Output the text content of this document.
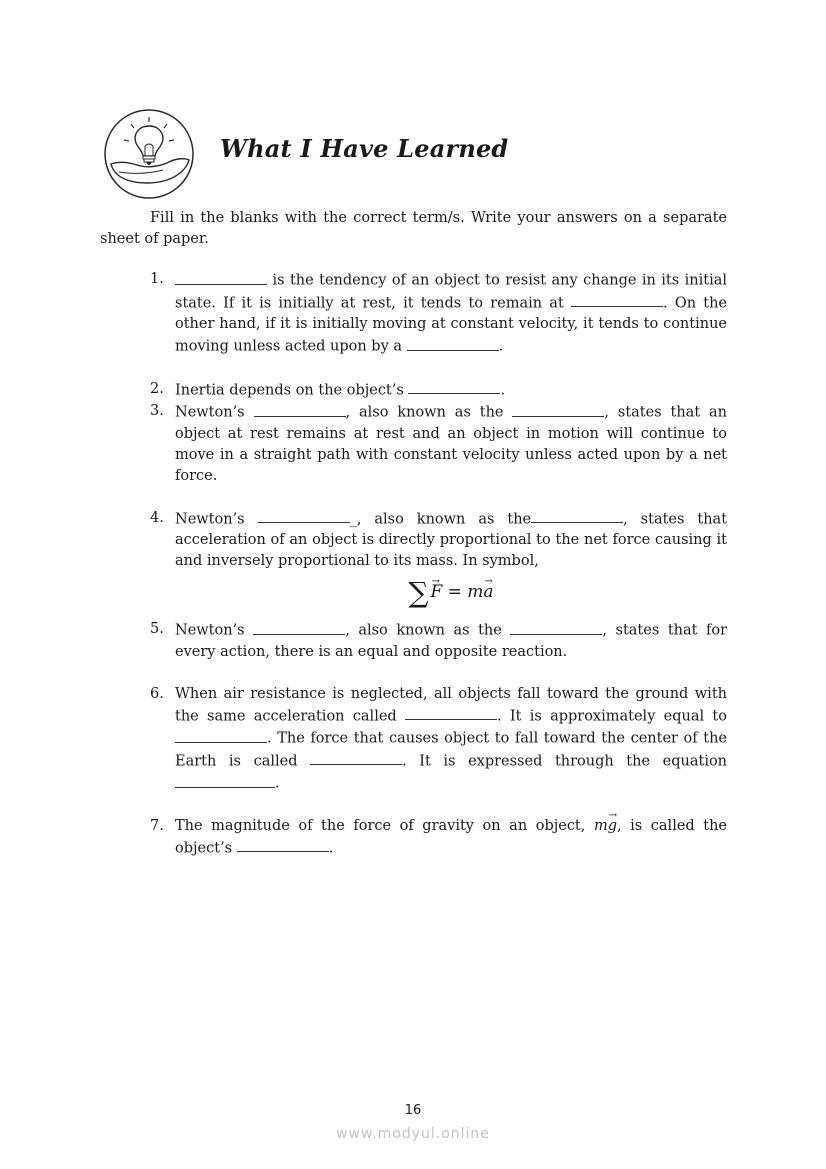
What I Have Learned

Fill in the blanks with the correct term/s. Write your answers on a separate sheet of paper.

1.	is the tendency of an object to resist any change in its initial state. If it is initially at rest, it tends to remain at	. On the other hand, if it is initially moving at constant velocity, it tends to continue moving unless acted upon by a	.
2. Inertia depends on the object’s	.
3. Newton’s	, also known as the	, states that an object at rest remains at rest and an object in motion will continue to move in a straight path with constant velocity unless acted upon by a net force.
4. Newton’s	_, also known as the	, states that acceleration of an object is directly proportional to the net force causing it and inversely proportional to its mass. In symbol,
∑ → F = m→ a
5. Newton’s	, also known as the	, states that for every action, there is an equal and opposite reaction.
6. When air resistance is neglected, all objects fall toward the ground with the same acceleration called	. It is approximately equal to . The force that causes object to fall toward the center of the Earth is called	. It is expressed through the equation .
7. The magnitude of the force of gravity on an object, m→ g, is called the object’s	.
16
www.modyul.online
